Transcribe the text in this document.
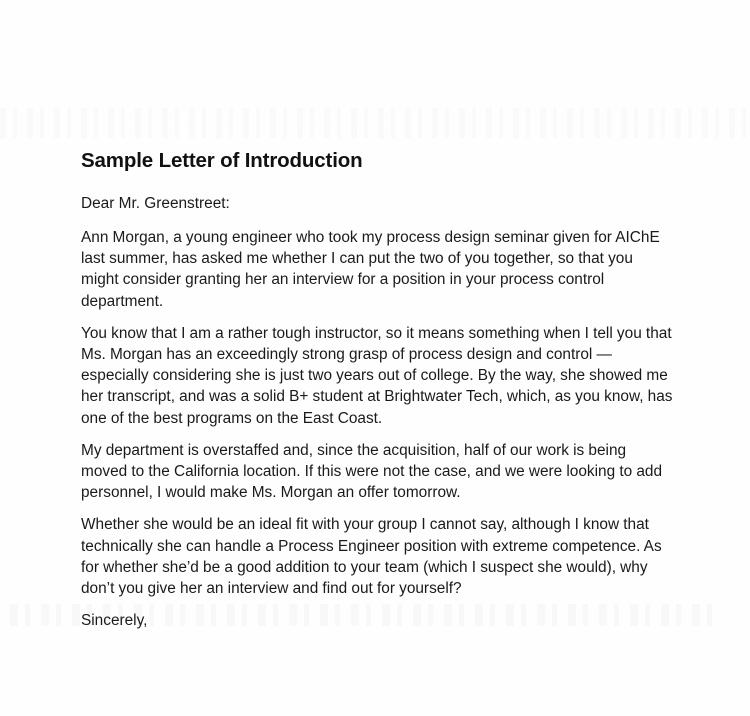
Sample Letter of Introduction

Dear Mr. Greenstreet:

Ann Morgan, a young engineer who took my process design seminar given for AIChE last summer, has asked me whether I can put the two of you together, so that you might consider granting her an interview for a position in your process control department.

You know that I am a rather tough instructor, so it means something when I tell you that Ms. Morgan has an exceedingly strong grasp of process design and control — especially considering she is just two years out of college. By the way, she showed me her transcript, and was a solid B+ student at Brightwater Tech, which, as you know, has one of the best programs on the East Coast.

My department is overstaffed and, since the acquisition, half of our work is being moved to the California location. If this were not the case, and we were looking to add personnel, I would make Ms. Morgan an offer tomorrow.

Whether she would be an ideal fit with your group I cannot say, although I know that technically she can handle a Process Engineer position with extreme competence. As for whether she’d be a good addition to your team (which I suspect she would), why don’t you give her an interview and find out for yourself?

Sincerely,
